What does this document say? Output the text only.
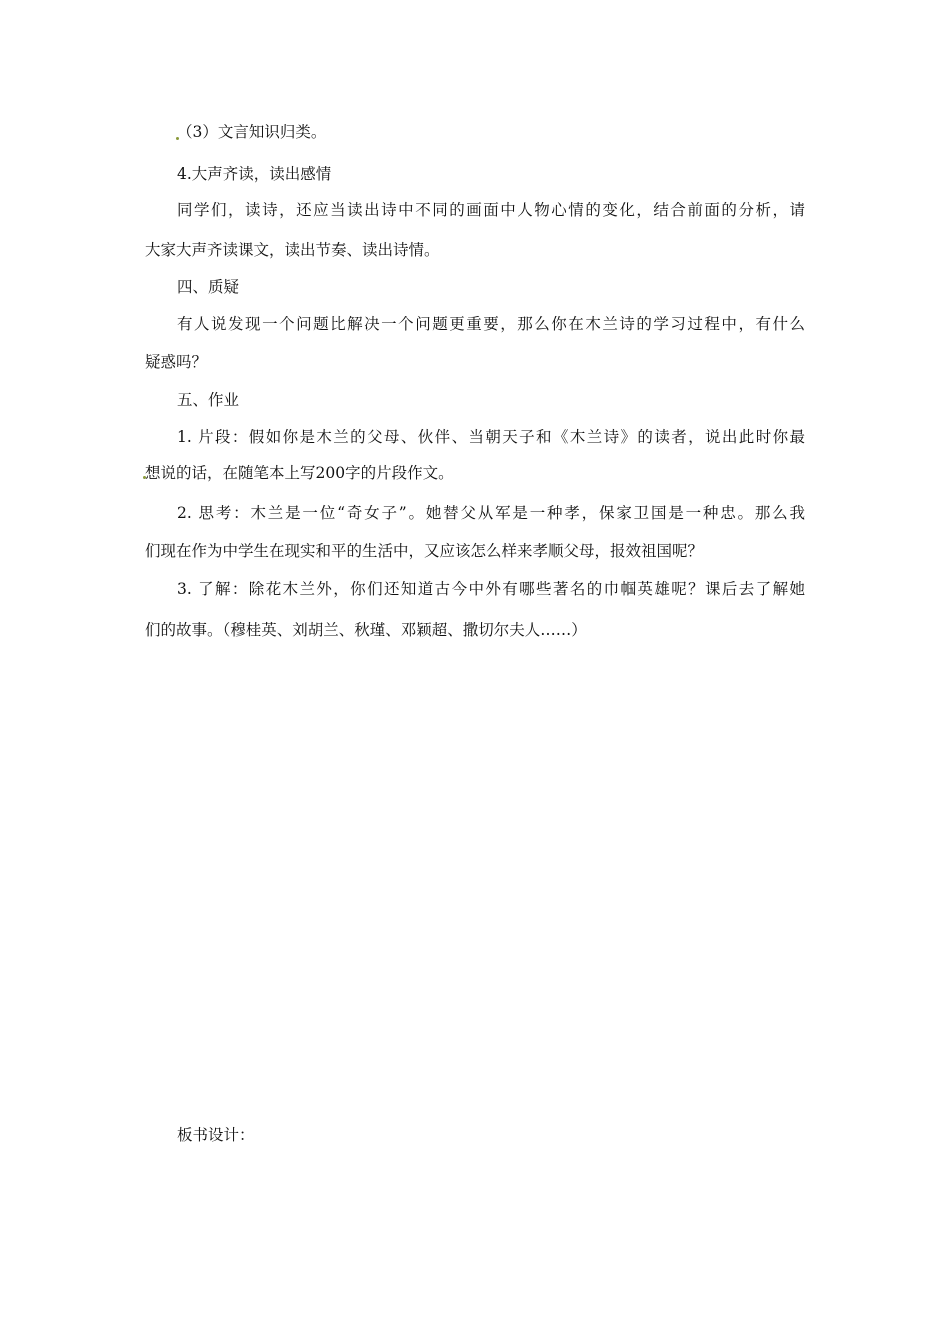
（3）文言知识归类。

4.大声齐读，读出感情

同学们，读诗，还应当读出诗中不同的画面中人物心情的变化，结合前面的分析，请

大家大声齐读课文，读出节奏、读出诗情。

四、质疑

有人说发现一个问题比解决一个问题更重要，那么你在木兰诗的学习过程中，有什么

疑惑吗？

五、作业

1. 片段：假如你是木兰的父母、伙伴、当朝天子和《木兰诗》的读者，说出此时你最

想说的话，在随笔本上写200字的片段作文。

2. 思考：木兰是一位“奇女子”。她替父从军是一种孝，保家卫国是一种忠。那么我

们现在作为中学生在现实和平的生活中，又应该怎么样来孝顺父母，报效祖国呢？

3. 了解：除花木兰外，你们还知道古今中外有哪些著名的巾帼英雄呢？课后去了解她

们的故事。（穆桂英、刘胡兰、秋瑾、邓颖超、撒切尔夫人……）

板书设计：
